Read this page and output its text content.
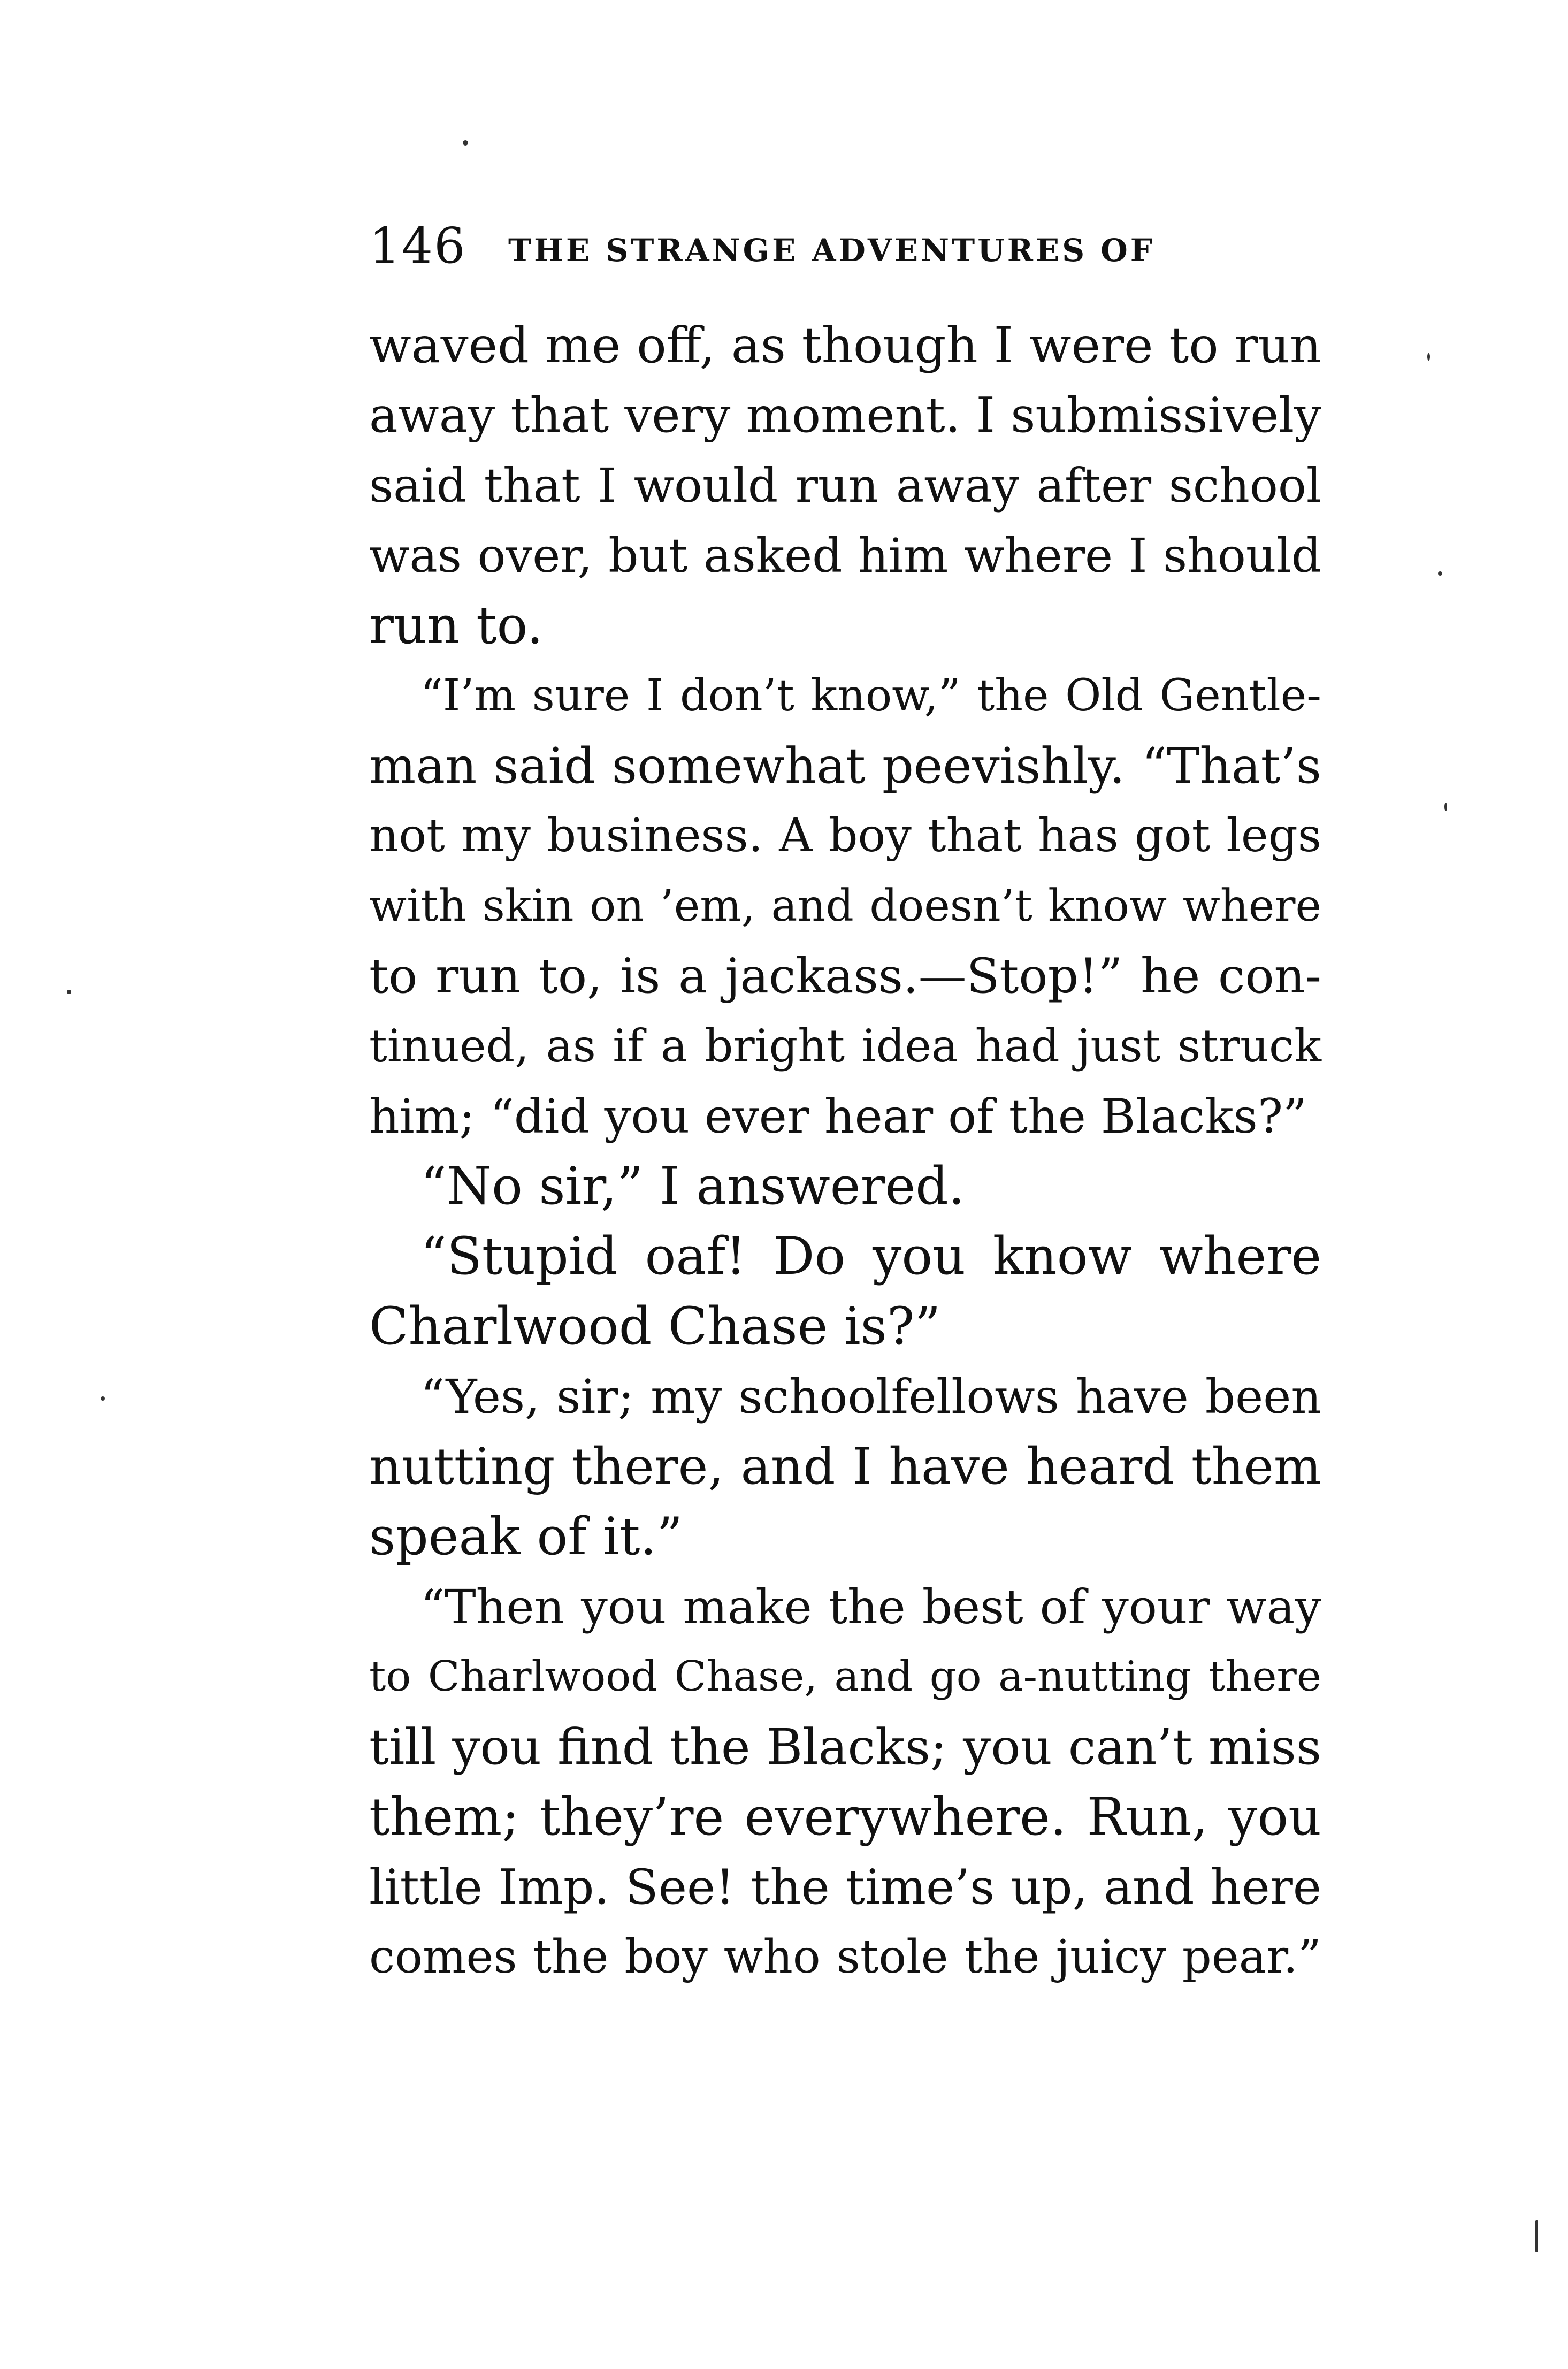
146 THE STRANGE ADVENTURES OF
waved me off, as though I were to run
away that very moment. I submissively
said that I would run away after school
was over, but asked him where I should
run to.
“I’m sure I don’t know,” the Old Gentle-
man said somewhat peevishly. “That’s
not my business. A boy that has got legs
with skin on ’em, and doesn’t know where
to run to, is a jackass.—Stop!” he con-
tinued, as if a bright idea had just struck
him; “did you ever hear of the Blacks?”
“No sir,” I answered.
“Stupid oaf! Do you know where
Charlwood Chase is?”
“Yes, sir; my schoolfellows have been
nutting there, and I have heard them
speak of it.”
“Then you make the best of your way
to Charlwood Chase, and go a-nutting there
till you find the Blacks; you can’t miss
them; they’re everywhere. Run, you
little Imp. See! the time’s up, and here
comes the boy who stole the juicy pear.”
